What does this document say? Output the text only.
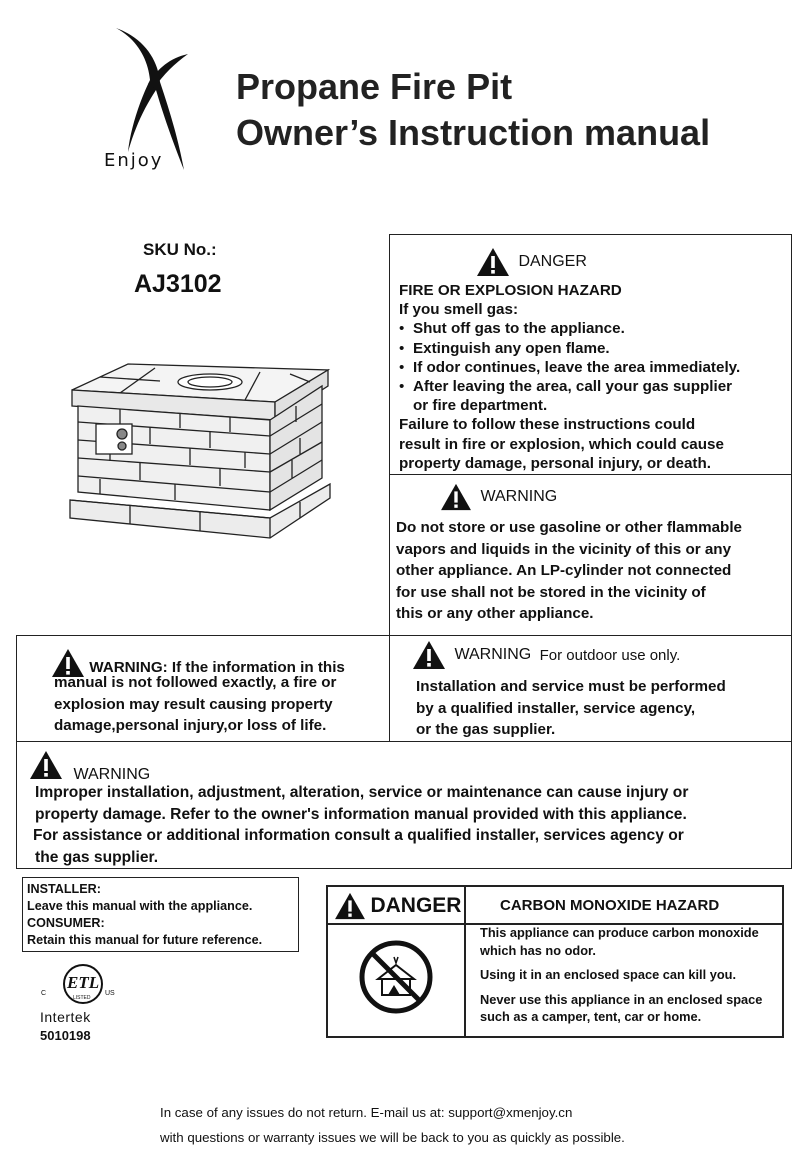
Enjoy
Propane Fire Pit
Owner’s Instruction manual
SKU No.:
AJ3102
DANGER
FIRE OR EXPLOSION HAZARD
If you smell gas:
• Shut off gas to the appliance.
• Extinguish any open flame.
• If odor continues, leave the area immediately.
• After leaving the area, call your gas supplier
or fire department.
Failure to follow these instructions could
result in fire or explosion, which could cause
property damage, personal injury, or death.
WARNING
Do not store or use gasoline or other flammable
vapors and liquids in the vicinity of this or any
other appliance. An LP-cylinder not connected
for use shall not be stored in the vicinity of
this or any other appliance.
WARNING: If the information in this
manual is not followed exactly, a fire or
explosion may result causing property
damage,personal injury,or loss of life.
WARNING For outdoor use only.
Installation and service must be performed
by a qualified installer, service agency,
or the gas supplier.
WARNING
Improper installation, adjustment, alteration, service or maintenance can cause injury or
property damage. Refer to the owner's information manual provided with this appliance.
For assistance or additional information consult a qualified installer, services agency or
the gas supplier.
INSTALLER:
Leave this manual with the appliance.
CONSUMER:
Retain this manual for future reference.
ETL
C	US
LISTED
Intertek
5010198
DANGER	CARBON MONOXIDE HAZARD
This appliance can produce carbon monoxide
which has no odor.
Using it in an enclosed space can kill you.
Never use this appliance in an enclosed space
such as a camper, tent, car or home.
In case of any issues do not return. E-mail us at: support@xmenjoy.cn
with questions or warranty issues we will be back to you as quickly as possible.
